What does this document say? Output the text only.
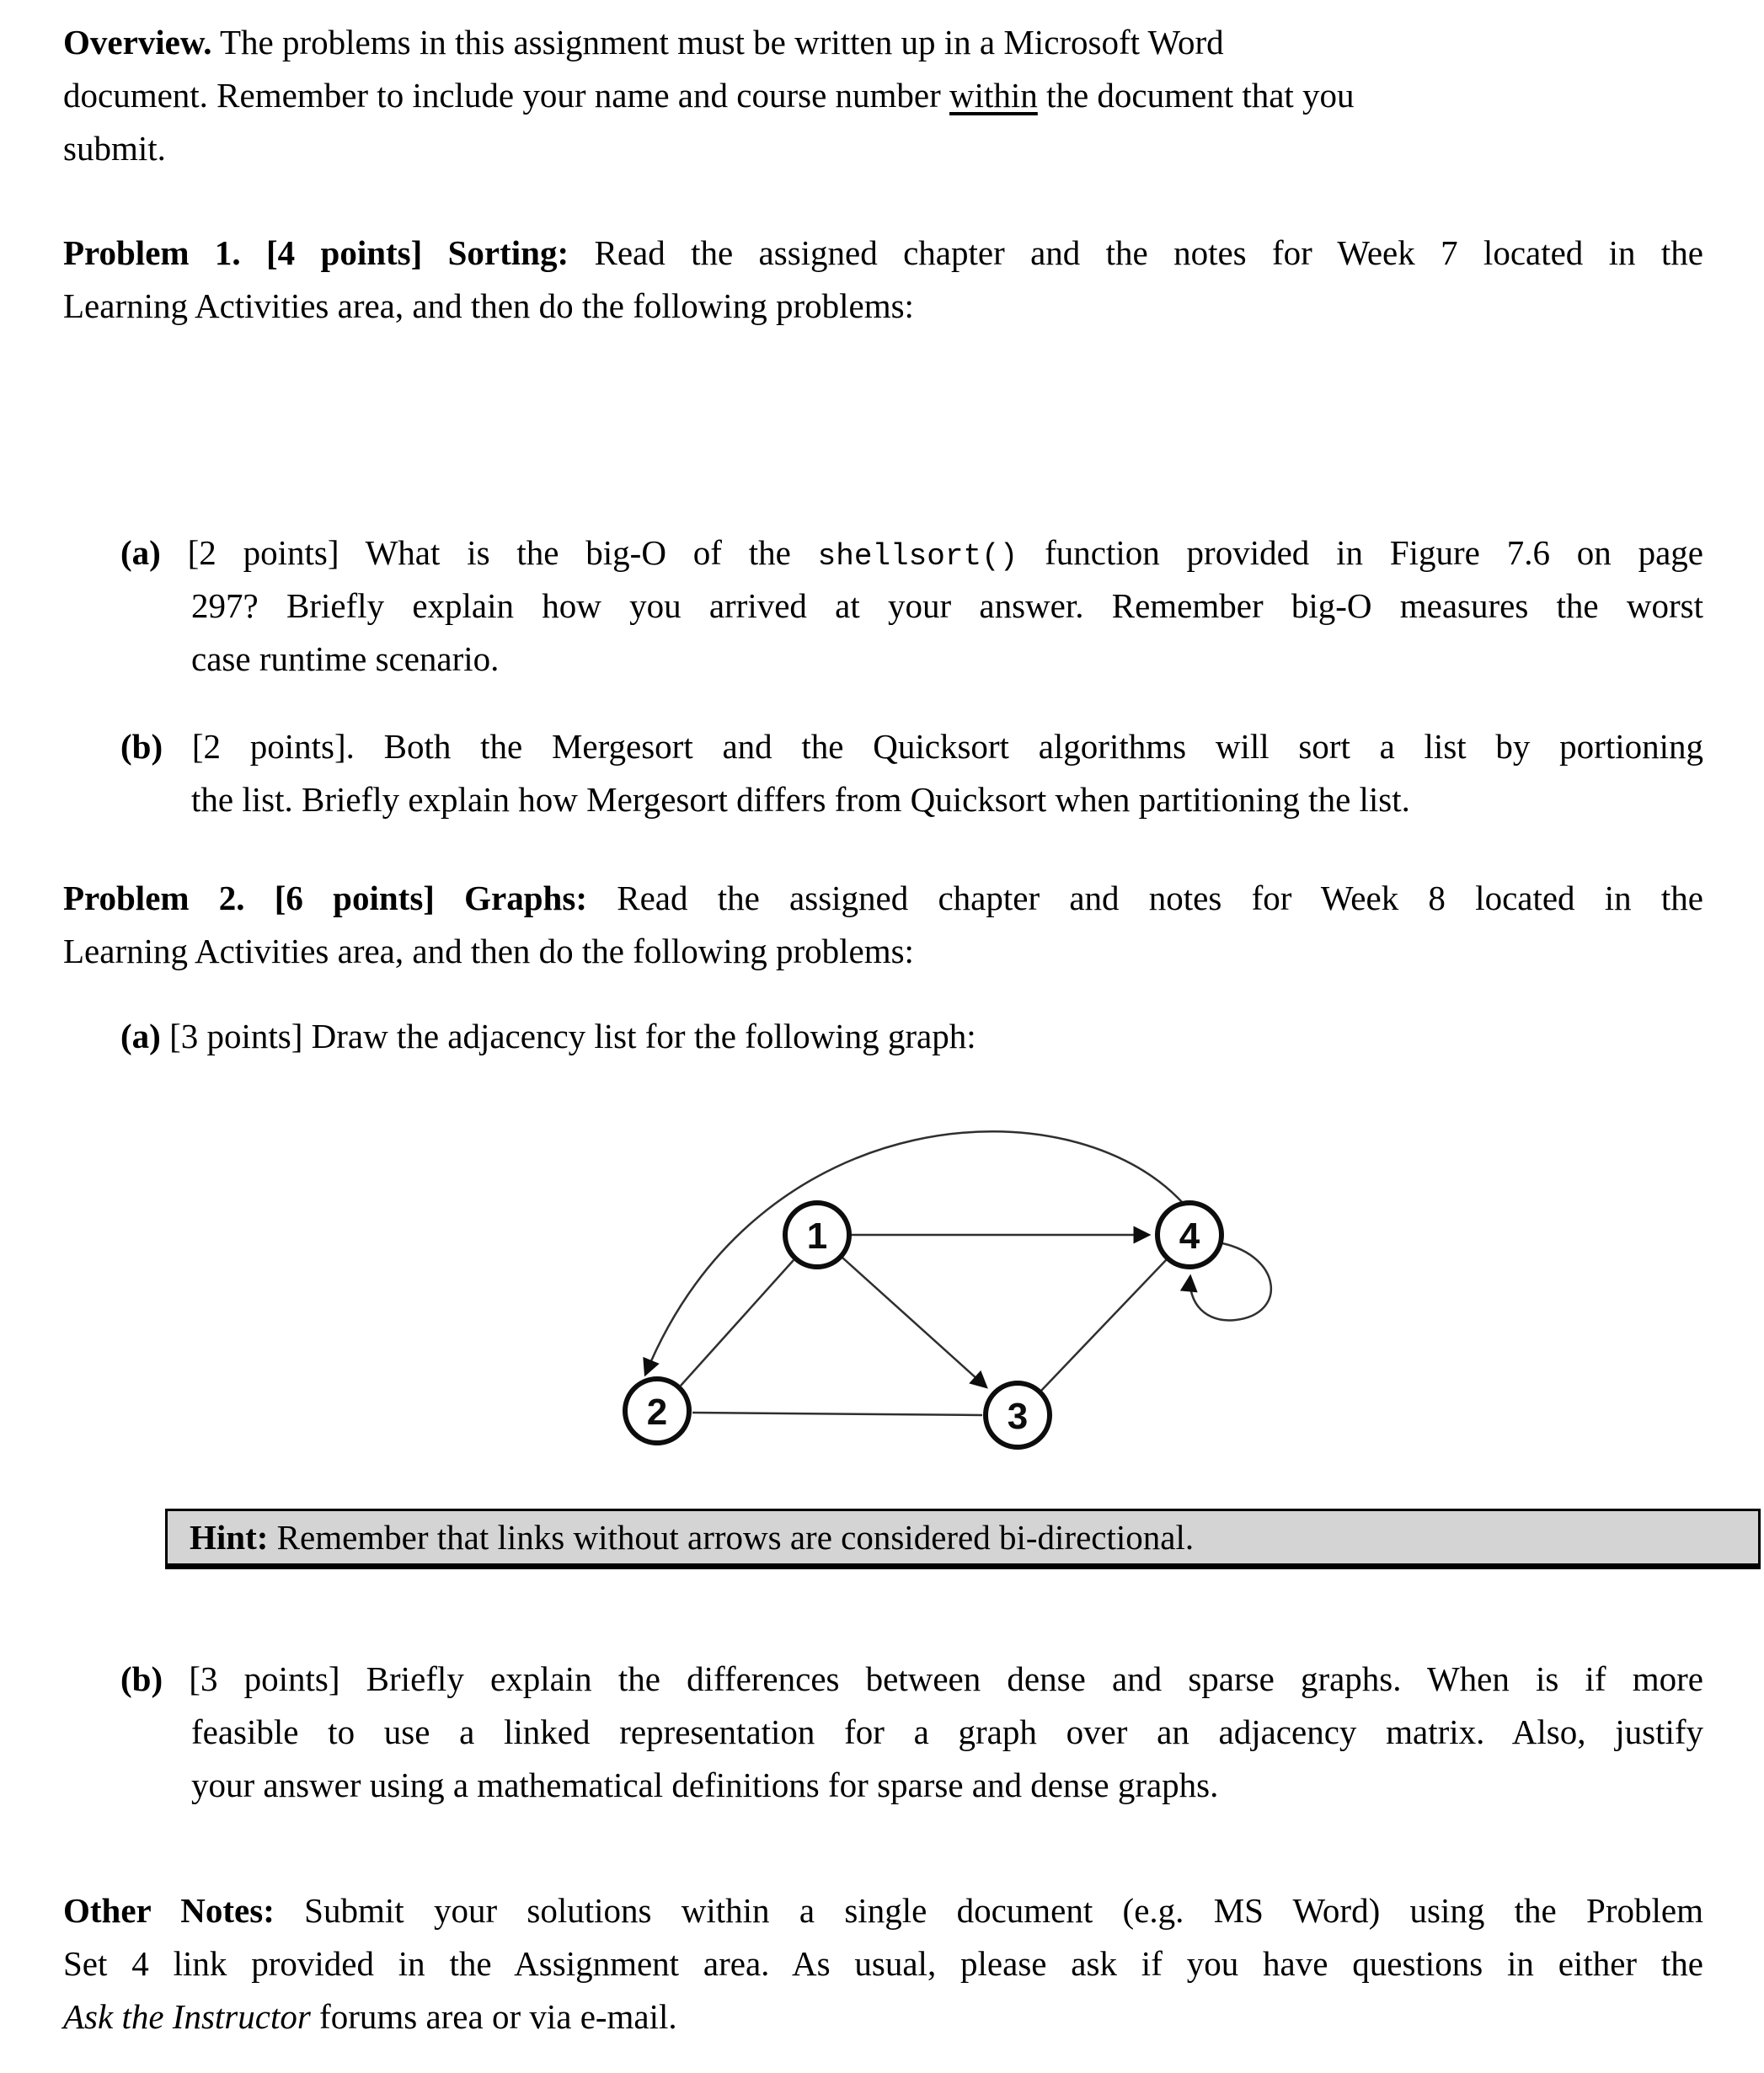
Overview. The problems in this assignment must be written up in a Microsoft Word
document. Remember to include your name and course number within the document that you
submit.
Problem 1. [4 points] Sorting: Read the assigned chapter and the notes for Week 7 located in the
Learning Activities area, and then do the following problems:
(a) [2 points] What is the big-O of the shellsort() function provided in Figure 7.6 on page
297? Briefly explain how you arrived at your answer. Remember big-O measures the worst
case runtime scenario.
(b) [2 points]. Both the Mergesort and the Quicksort algorithms will sort a list by portioning
the list. Briefly explain how Mergesort differs from Quicksort when partitioning the list.
Problem 2. [6 points] Graphs: Read the assigned chapter and notes for Week 8 located in the
Learning Activities area, and then do the following problems:
(a) [3 points] Draw the adjacency list for the following graph:
1
2	3
4
Hint: Remember that links without arrows are considered bi-directional.
(b) [3 points] Briefly explain the differences between dense and sparse graphs. When is if more
feasible to use a linked representation for a graph over an adjacency matrix. Also, justify
your answer using a mathematical definitions for sparse and dense graphs.
Other Notes: Submit your solutions within a single document (e.g. MS Word) using the Problem
Set 4 link provided in the Assignment area. As usual, please ask if you have questions in either the
Ask the Instructor forums area or via e-mail.
